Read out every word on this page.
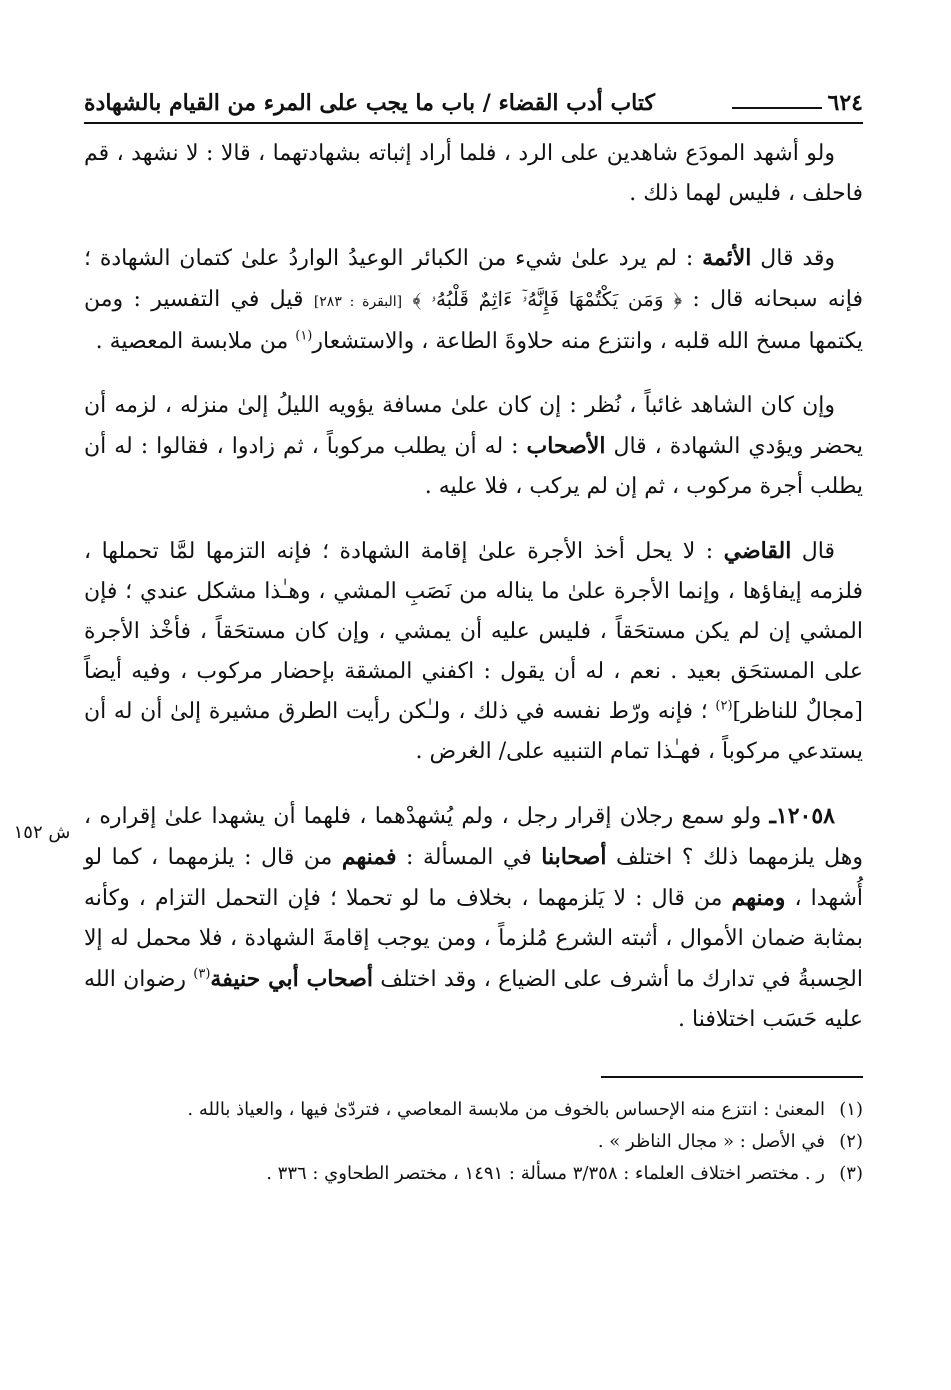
ش ١٥٢
٦٢٤
كتاب أدب القضاء / باب ما يجب على المرء من القيام بالشهادة

ولو أشهد المودَع شاهدين على الرد ، فلما أراد إثباته بشهادتهما ، قالا : لا نشهد ، قم فاحلف ، فليس لهما ذلك .

وقد قال الأئمة : لم يرد علىٰ شيء من الكبائر الوعيدُ الواردُ علىٰ كتمان الشهادة ؛ فإنه سبحانه قال : ﴿ وَمَن يَكْتُمْهَا فَإِنَّهُۥٓ ءَاثِمٌ قَلْبُهُۥ ﴾ [البقرة : ٢٨٣] قيل في التفسير : ومن يكتمها مسخ الله قلبه ، وانتزع منه حلاوةَ الطاعة ، والاستشعار$^{(١)}$ من ملابسة المعصية .

وإن كان الشاهد غائباً ، نُظر : إن كان علىٰ مسافة يؤويه الليلُ إلىٰ منزله ، لزمه أن يحضر ويؤدي الشهادة ، قال الأصحاب : له أن يطلب مركوباً ، ثم زادوا ، فقالوا : له أن يطلب أجرة مركوب ، ثم إن لم يركب ، فلا عليه .

قال القاضي : لا يحل أخذ الأجرة علىٰ إقامة الشهادة ؛ فإنه التزمها لمَّا تحملها ، فلزمه إيفاؤها ، وإنما الأجرة علىٰ ما يناله من نَصَبِ المشي ، وهـٰذا مشكل عندي ؛ فإن المشي إن لم يكن مستحَقاً ، فليس عليه أن يمشي ، وإن كان مستحَقاً ، فأخْذ الأجرة على المستحَق بعيد . نعم ، له أن يقول : اكفني المشقة بإحضار مركوب ، وفيه أيضاً [مجالٌ للناظر]$^{(٢)}$ ؛ فإنه ورّط نفسه في ذلك ، ولـٰكن رأيت الطرق مشيرة إلىٰ أن له أن يستدعي مركوباً ، فهـٰذا تمام التنبيه على/ الغرض .

١٢٠٥٨ـ ولو سمع رجلان إقرار رجل ، ولم يُشهدْهما ، فلهما أن يشهدا علىٰ إقراره ، وهل يلزمهما ذلك ؟ اختلف أصحابنا في المسألة : فمنهم من قال : يلزمهما ، كما لو أُشهدا ، ومنهم من قال : لا يَلزمهما ، بخلاف ما لو تحملا ؛ فإن التحمل التزام ، وكأنه بمثابة ضمان الأموال ، أثبته الشرع مُلزماً ، ومن يوجب إقامةَ الشهادة ، فلا محمل له إلا الحِسبةُ في تدارك ما أشرف على الضياع ، وقد اختلف أصحاب أبي حنيفة$^{(٣)}$ رضوان الله عليه حَسَب اختلافنا .

(١)
المعنىٰ : انتزع منه الإحساس بالخوف من ملابسة المعاصي ، فتردّىٰ فيها ، والعياذ بالله .
(٢)
في الأصل : « مجال الناظر » .
(٣)
ر . مختصر اختلاف العلماء : ٣/٣٥٨ مسألة : ١٤٩١ ، مختصر الطحاوي : ٣٣٦ .
